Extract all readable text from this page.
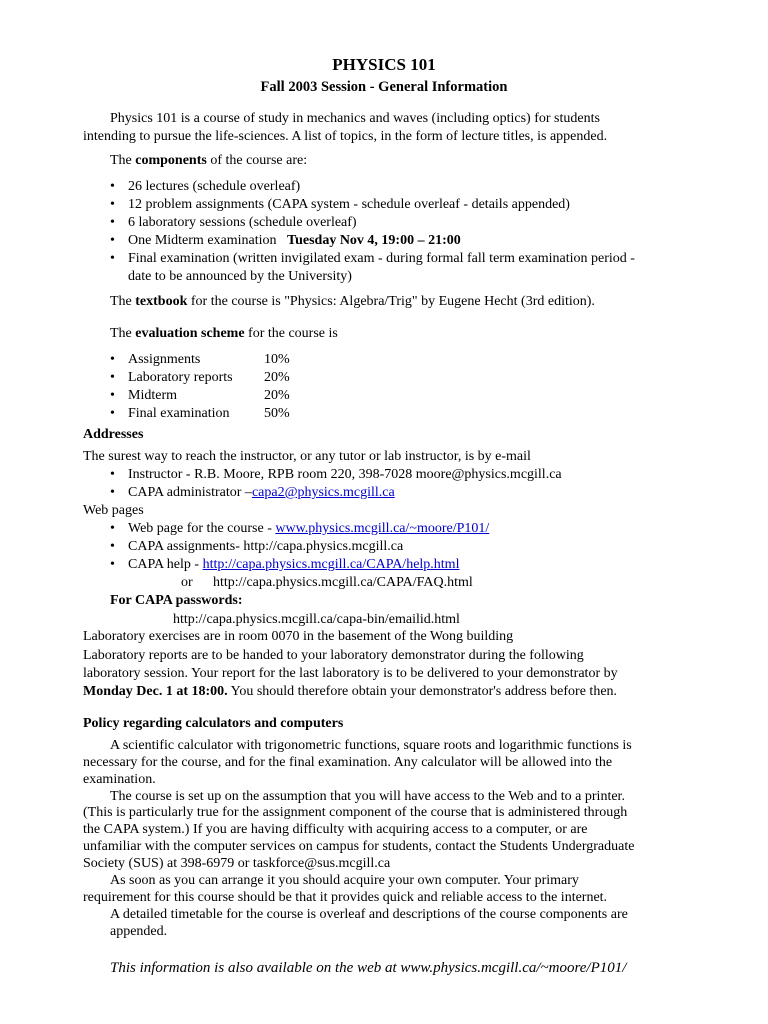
PHYSICS 101
Fall 2003 Session - General Information
Physics 101 is a course of study in mechanics and waves (including optics) for students
intending to pursue the life-sciences. A list of topics, in the form of lecture titles, is appended.
The components of the course are:
• 26 lectures (schedule overleaf)
• 12 problem assignments (CAPA system - schedule overleaf - details appended)
• 6 laboratory sessions (schedule overleaf)
• One Midterm examination Tuesday Nov 4, 19:00 – 21:00
• Final examination (written invigilated exam - during formal fall term examination period -
date to be announced by the University)
The textbook for the course is "Physics: Algebra/Trig" by Eugene Hecht (3rd edition).
The evaluation scheme for the course is
• Assignments	10%
• Laboratory reports 20%
• Midterm	20%
• Final examination 50%
Addresses
The surest way to reach the instructor, or any tutor or lab instructor, is by e-mail
• Instructor - R.B. Moore, RPB room 220, 398-7028 moore@physics.mcgill.ca
• CAPA administrator –capa2@physics.mcgill.ca
Web pages
• Web page for the course - www.physics.mcgill.ca/~moore/P101/
• CAPA assignments- http://capa.physics.mcgill.ca
• CAPA help - http://capa.physics.mcgill.ca/CAPA/help.html
or http://capa.physics.mcgill.ca/CAPA/FAQ.html
For CAPA passwords:
http://capa.physics.mcgill.ca/capa-bin/emailid.html
Laboratory exercises are in room 0070 in the basement of the Wong building
Laboratory reports are to be handed to your laboratory demonstrator during the following
laboratory session. Your report for the last laboratory is to be delivered to your demonstrator by
Monday Dec. 1 at 18:00. You should therefore obtain your demonstrator's address before then.
Policy regarding calculators and computers
A scientific calculator with trigonometric functions, square roots and logarithmic functions is
necessary for the course, and for the final examination. Any calculator will be allowed into the
examination.
The course is set up on the assumption that you will have access to the Web and to a printer.
(This is particularly true for the assignment component of the course that is administered through
the CAPA system.) If you are having difficulty with acquiring access to a computer, or are
unfamiliar with the computer services on campus for students, contact the Students Undergraduate
Society (SUS) at 398-6979 or taskforce@sus.mcgill.ca
As soon as you can arrange it you should acquire your own computer. Your primary
requirement for this course should be that it provides quick and reliable access to the internet.
A detailed timetable for the course is overleaf and descriptions of the course components are
appended.
This information is also available on the web at www.physics.mcgill.ca/~moore/P101/
